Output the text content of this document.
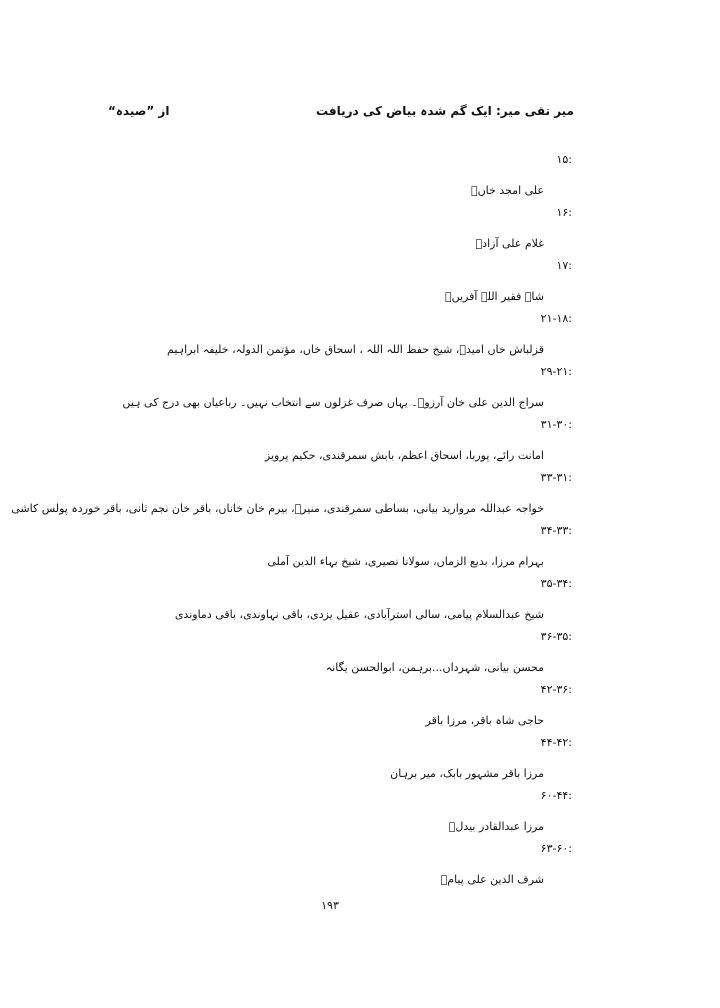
میر تقی میر: ایک گم شدہ بیاض کی دریافت
از ”صیدہ“
:۱۵
علی امجد خاںؔ
:۱۶
غلام علی آزادؔ
:۱۷
شاہ فقیر اللہ آفریںؔ
:۲۱-۱۸
قزلباش خاں امیدؔ، شیخ حفظ اللہ اللہ‌ ، اسحاق خاں، مؤتمن الدولہ، خلیفہ ابراہیم
:۲۹-۲۱
سراج الدین علی خان آرزوؔ۔ یہاں صرف غزلوں سے انتخاب نہیں۔ رباعیاں بھی درج کی ہیں
:۳۱-۳۰
امانت رائے، پوربا، اسحاق اعظم، بابش سمرقندی، حکیم پرویز
:۳۳-۳۱
خواجہ عبداللہ مروارید بیانی، بساطی سمرقندی، منیرؔ، بیرم خان خاناں، باقر خان نجم ثانی، باقر خوردہ پولس کاشی
:۳۴-۳۳
بہرام مرزا، بدیع الزماں، سولانا نصیری، شیخ بہاء الدین آملی
:۳۵-۳۴
شیخ عبدالسلام پیامی، سالی استرآبادی، عقیل یزدی، باقی نہاوندی، باقی دماوندی
:۳۶-۳۵
محسن بیانی، شہرداں...برہمن، ابوالحسن یگانہ
:۴۲-۳۶
حاجی شاہ باقر، مرزا باقر
:۴۴-۴۲
مرزا باقر مشہور بابک، میر برہان
:۶۰-۴۴
مرزا عبدالقادر بیدلؔ
:۶۳-۶۰
شرف الدین علی پیامؔ
۱۹۳
